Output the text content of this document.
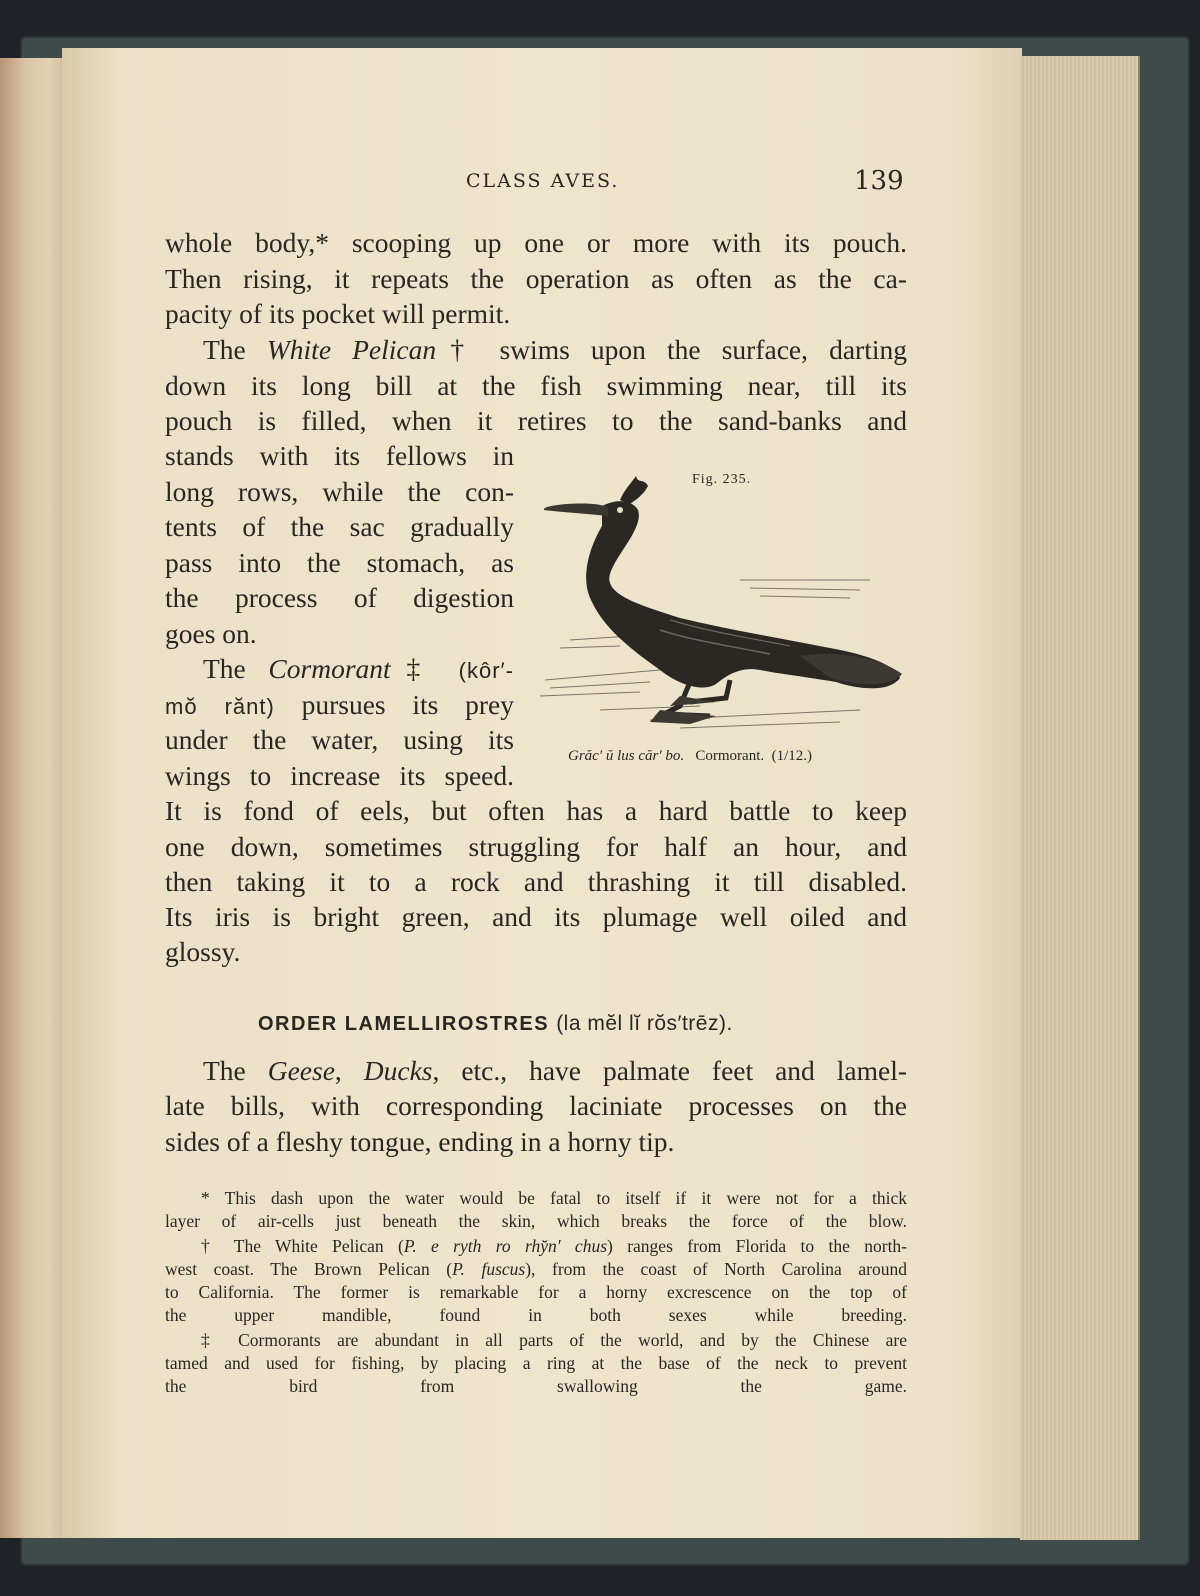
CLASS AVES.	139
whole body,* scooping up one or more with its pouch.
Then rising, it repeats the operation as often as the ca-
pacity of its pocket will permit.
The White Pelican† swims upon the surface, darting
down its long bill at the fish swimming near, till its
pouch is filled, when it retires to the sand-banks and
stands with its fellows in
long rows, while the con-
tents of the sac gradually
pass into the stomach, as
the process of digestion
goes on.
The Cormorant‡ (kôr′-
mŏ rănt) pursues its prey
under the water, using its
wings to increase its speed.
It is fond of eels, but often has a hard battle to keep
one down, sometimes struggling for half an hour, and
then taking it to a rock and thrashing it till disabled.
Its iris is bright green, and its plumage well oiled and
glossy.
Fig. 235.
Grăc′ ŭ lus căr′ bo. Cormorant. (1/12.)
ORDER LAMELLIROSTRES (la mĕl lĭ rŏs′trēz).
The Geese, Ducks, etc., have palmate feet and lamel-
late bills, with corresponding laciniate processes on the
sides of a fleshy tongue, ending in a horny tip.
* This dash upon the water would be fatal to itself if it were not for a thick
layer of air-cells just beneath the skin, which breaks the force of the blow.
† The White Pelican (P. e ryth ro rhy̆n′ chus) ranges from Florida to the north-
west coast. The Brown Pelican (P. fuscus), from the coast of North Carolina around
to California. The former is remarkable for a horny excrescence on the top of
the upper mandible, found in both sexes while breeding.
‡ Cormorants are abundant in all parts of the world, and by the Chinese are
tamed and used for fishing, by placing a ring at the base of the neck to prevent
the bird from swallowing the game.
